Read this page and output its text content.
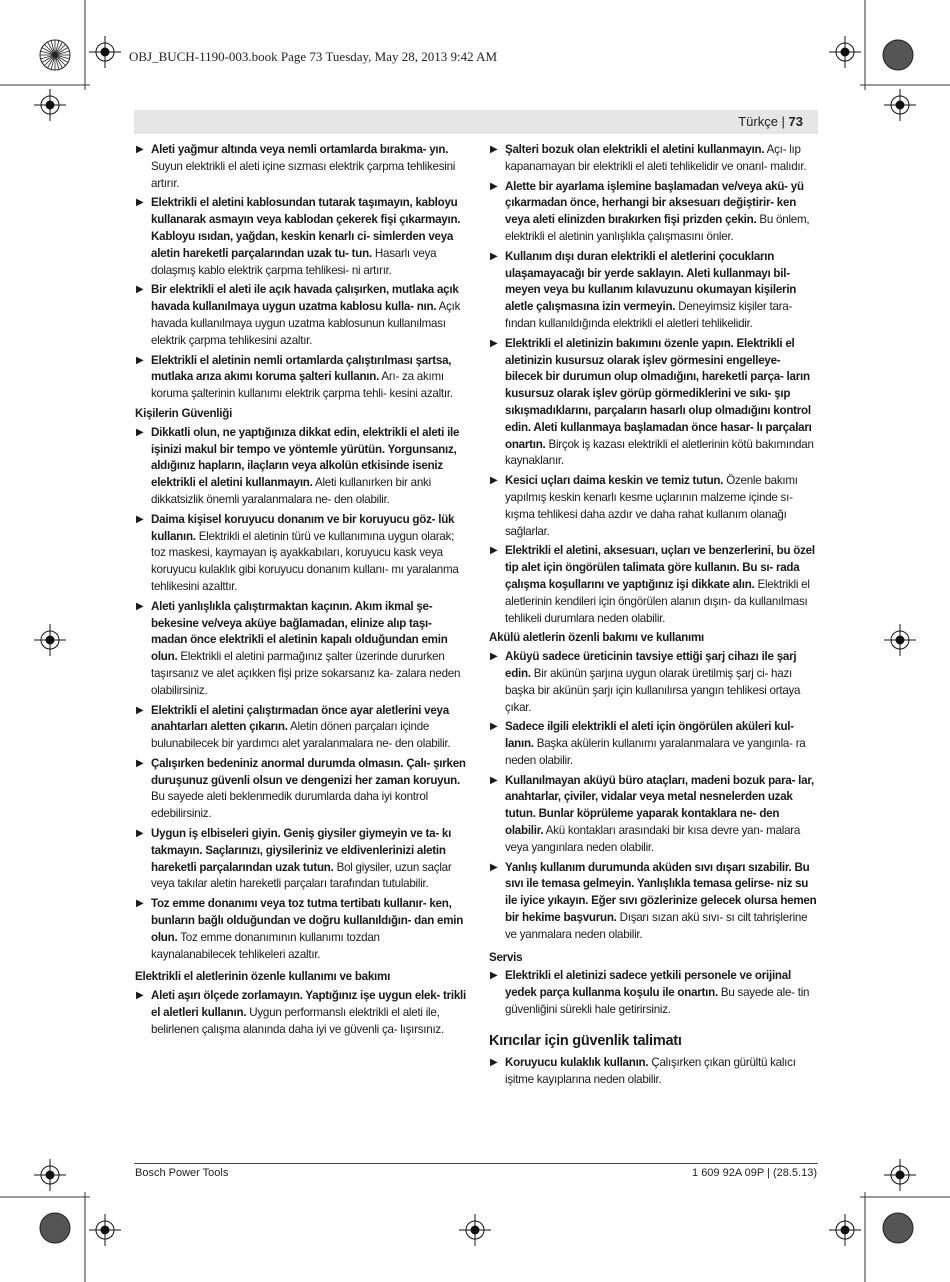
OBJ_BUCH-1190-003.book Page 73 Tuesday, May 28, 2013 9:42 AM
Türkçe | 73
▶ Aleti yağmur altında veya nemli ortamlarda bırakma- yın. Suyun elektrikli el aleti içine sızması elektrik çarpma tehlikesini artırır.
▶ Elektrikli el aletini kablosundan tutarak taşımayın, kabloyu kullanarak asmayın veya kablodan çekerek fişi çıkarmayın. Kabloyu ısıdan, yağdan, keskin kenarlı ci- simlerden veya aletin hareketli parçalarından uzak tu- tun. Hasarlı veya dolaşmış kablo elektrik çarpma tehlikesi- ni artırır.
▶ Bir elektrikli el aleti ile açık havada çalışırken, mutlaka açık havada kullanılmaya uygun uzatma kablosu kulla- nın. Açık havada kullanılmaya uygun uzatma kablosunun kullanılması elektrik çarpma tehlikesini azaltır.
▶ Elektrikli el aletinin nemli ortamlarda çalıştırılması şartsa, mutlaka arıza akımı koruma şalteri kullanın. Arı- za akımı koruma şalterinin kullanımı elektrik çarpma tehli- kesini azaltır.
Kişilerin Güvenliği
▶ Dikkatli olun, ne yaptığınıza dikkat edin, elektrikli el aleti ile işinizi makul bir tempo ve yöntemle yürütün. Yorgunsanız, aldığınız hapların, ilaçların veya alkolün etkisinde iseniz elektrikli el aletini kullanmayın. Aleti kullanırken bir anki dikkatsizlik önemli yaralanmalara ne- den olabilir.
▶ Daima kişisel koruyucu donanım ve bir koruyucu göz- lük kullanın. Elektrikli el aletinin türü ve kullanımına uygun olarak; toz maskesi, kaymayan iş ayakkabıları, koruyucu kask veya koruyucu kulaklık gibi koruyucu donanım kullanı- mı yaralanma tehlikesini azalttır.
▶ Aleti yanlışlıkla çalıştırmaktan kaçının. Akım ikmal şe- bekesine ve/veya aküye bağlamadan, elinize alıp taşı- madan önce elektrikli el aletinin kapalı olduğundan emin olun. Elektrikli el aletini parmağınız şalter üzerinde dururken taşırsanız ve alet açıkken fişi prize sokarsanız ka- zalara neden olabilirsiniz.
▶ Elektrikli el aletini çalıştırmadan önce ayar aletlerini veya anahtarları aletten çıkarın. Aletin dönen parçaları içinde bulunabilecek bir yardımcı alet yaralanmalara ne- den olabilir.
▶ Çalışırken bedeniniz anormal durumda olmasın. Çalı- şırken duruşunuz güvenli olsun ve dengenizi her zaman koruyun. Bu sayede aleti beklenmedik durumlarda daha iyi kontrol edebilirsiniz.
▶ Uygun iş elbiseleri giyin. Geniş giysiler giymeyin ve ta- kı takmayın. Saçlarınızı, giysileriniz ve eldivenlerinizi aletin hareketli parçalarından uzak tutun. Bol giysiler, uzun saçlar veya takılar aletin hareketli parçaları tarafından tutulabilir.
▶ Toz emme donanımı veya toz tutma tertibatı kullanır- ken, bunların bağlı olduğundan ve doğru kullanıldığın- dan emin olun. Toz emme donanımının kullanımı tozdan kaynalanabilecek tehlikeleri azaltır.
Elektrikli el aletlerinin özenle kullanımı ve bakımı
▶ Aleti aşırı ölçede zorlamayın. Yaptığınız işe uygun elek- trikli el aletleri kullanın. Uygun performanslı elektrikli el aleti ile, belirlenen çalışma alanında daha iyi ve güvenli ça- lışırsınız.
▶ Şalteri bozuk olan elektrikli el aletini kullanmayın. Açı- lıp kapanamayan bir elektrikli el aleti tehlikelidir ve onarıl- malıdır.
▶ Alette bir ayarlama işlemine başlamadan ve/veya akü- yü çıkarmadan önce, herhangi bir aksesuarı değiştirir- ken veya aleti elinizden bırakırken fişi prizden çekin. Bu önlem, elektrikli el aletinin yanlışlıkla çalışmasını önler.
▶ Kullanım dışı duran elektrikli el aletlerini çocukların ulaşamayacağı bir yerde saklayın. Aleti kullanmayı bil- meyen veya bu kullanım kılavuzunu okumayan kişilerin aletle çalışmasına izin vermeyin. Deneyimsiz kişiler tara- fından kullanıldığında elektrikli el aletleri tehlikelidir.
▶ Elektrikli el aletinizin bakımını özenle yapın. Elektrikli el aletinizin kusursuz olarak işlev görmesini engelleye- bilecek bir durumun olup olmadığını, hareketli parça- ların kusursuz olarak işlev görüp görmediklerini ve sıkı- şıp sıkışmadıklarını, parçaların hasarlı olup olmadığını kontrol edin. Aleti kullanmaya başlamadan önce hasar- lı parçaları onartın. Birçok iş kazası elektrikli el aletlerinin kötü bakımından kaynaklanır.
▶ Kesici uçları daima keskin ve temiz tutun. Özenle bakımı yapılmış keskin kenarlı kesme uçlarının malzeme içinde sı- kışma tehlikesi daha azdır ve daha rahat kullanım olanağı sağlarlar.
▶ Elektrikli el aletini, aksesuarı, uçları ve benzerlerini, bu özel tip alet için öngörülen talimata göre kullanın. Bu sı- rada çalışma koşullarını ve yaptığınız işi dikkate alın. Elektrikli el aletlerinin kendileri için öngörülen alanın dışın- da kullanılması tehlikeli durumlara neden olabilir.
Akülü aletlerin özenli bakımı ve kullanımı
▶ Aküyü sadece üreticinin tavsiye ettiği şarj cihazı ile şarj edin. Bir akünün şarjına uygun olarak üretilmiş şarj ci- hazı başka bir akünün şarjı için kullanılırsa yangın tehlikesi ortaya çıkar.
▶ Sadece ilgili elektrikli el aleti için öngörülen aküleri kul- lanın. Başka akülerin kullanımı yaralanmalara ve yangınla- ra neden olabilir.
▶ Kullanılmayan aküyü büro ataçları, madeni bozuk para- lar, anahtarlar, çiviler, vidalar veya metal nesnelerden uzak tutun. Bunlar köprüleme yaparak kontaklara ne- den olabilir. Akü kontakları arasındaki bir kısa devre yan- malara veya yangınlara neden olabilir.
▶ Yanlış kullanım durumunda aküden sıvı dışarı sızabilir. Bu sıvı ile temasa gelmeyin. Yanlışlıkla temasa gelirse- niz su ile iyice yıkayın. Eğer sıvı gözlerinize gelecek olursa hemen bir hekime başvurun. Dışarı sızan akü sıvı- sı cilt tahrişlerine ve yanmalara neden olabilir.
Servis
▶ Elektrikli el aletinizi sadece yetkili personele ve orijinal yedek parça kullanma koşulu ile onartın. Bu sayede ale- tin güvenliğini sürekli hale getirirsiniz.
Kırıcılar için güvenlik talimatı
▶ Koruyucu kulaklık kullanın. Çalışırken çıkan gürültü kalıcı işitme kayıplarına neden olabilir.
Bosch Power Tools	1 609 92A 09P | (28.5.13)
